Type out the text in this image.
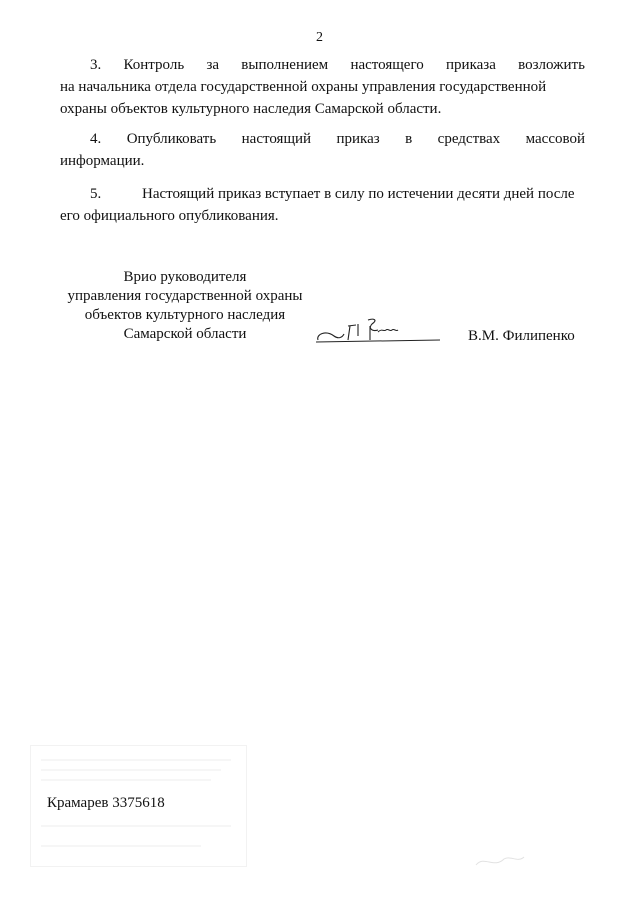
2
3. Контроль за выполнением настоящего приказа возложить
на начальника отдела государственной охраны управления государственной
охраны объектов культурного наследия Самарской области.
4. Опубликовать настоящий приказ в средствах массовой
информации.
5.	Настоящий приказ вступает в силу по истечении десяти дней после
его официального опубликования.
Врио руководителя
управления государственной охраны
объектов культурного наследия
Самарской области	В.М. Филипенко
Крамарев 3375618
